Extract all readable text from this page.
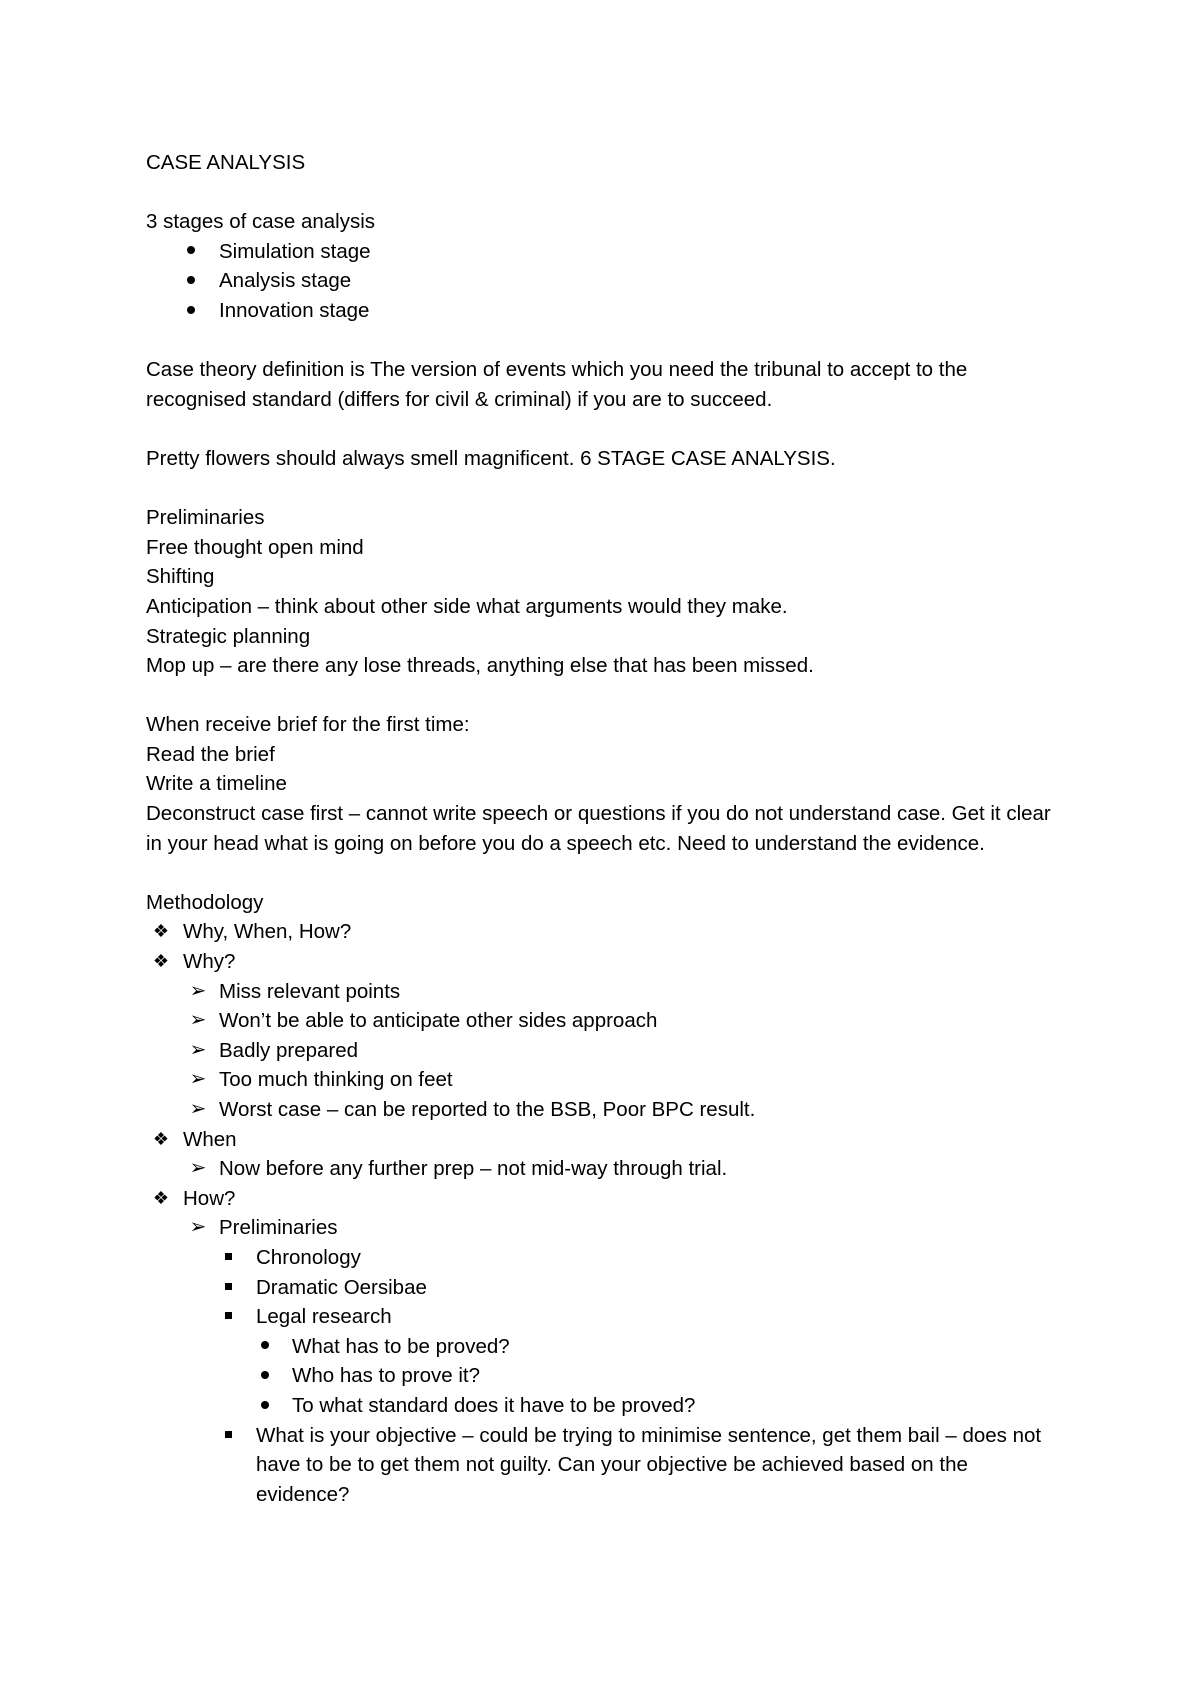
CASE ANALYSIS

3 stages of case analysis

Simulation stage
Analysis stage
Innovation stage

Case theory definition is The version of events which you need the tribunal to accept to the recognised standard (differs for civil & criminal) if you are to succeed.

Pretty flowers should always smell magnificent. 6 STAGE CASE ANALYSIS.

Preliminaries

Free thought open mind

Shifting

Anticipation – think about other side what arguments would they make.

Strategic planning

Mop up – are there any lose threads, anything else that has been missed.

When receive brief for the first time:

Read the brief

Write a timeline

Deconstruct case first – cannot write speech or questions if you do not understand case. Get it clear in your head what is going on before you do a speech etc. Need to understand the evidence.

Methodology

❖ Why, When, How?
❖ Why?
➢ Miss relevant points
➢ Won’t be able to anticipate other sides approach
➢ Badly prepared
➢ Too much thinking on feet
➢ Worst case – can be reported to the BSB, Poor BPC result.
❖ When
➢ Now before any further prep – not mid-way through trial.
❖ How?
➢ Preliminaries
Chronology
Dramatic Oersibae
Legal research
What has to be proved?
Who has to prove it?
To what standard does it have to be proved?
What is your objective – could be trying to minimise sentence, get them bail – does not have to be to get them not guilty. Can your objective be achieved based on the evidence?
